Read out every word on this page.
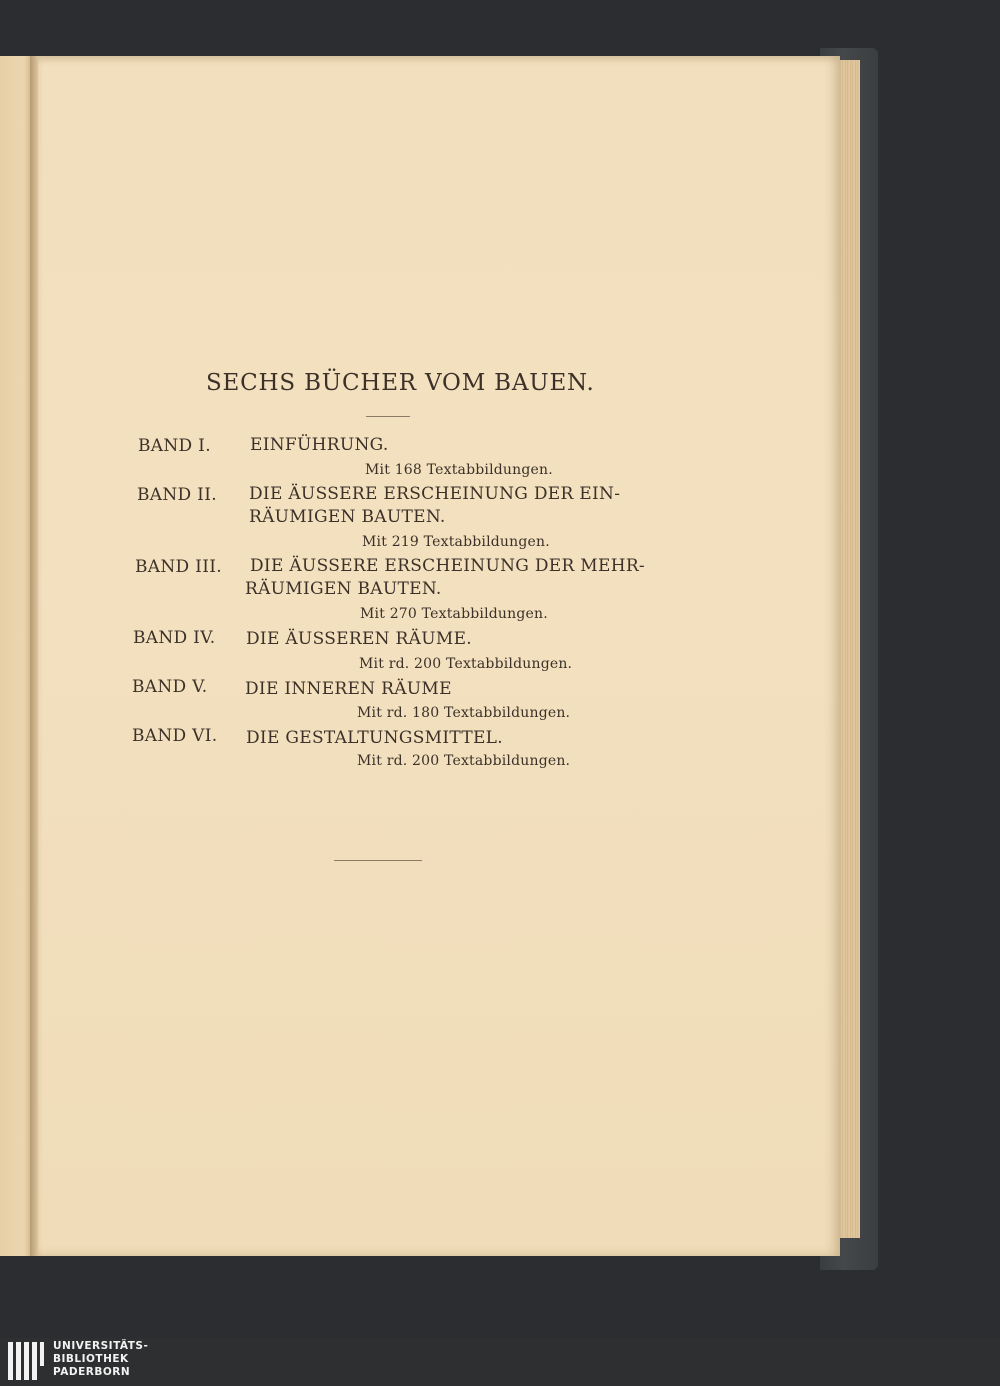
SECHS BÜCHER VOM BAUEN.
BAND I. EINFÜHRUNG.
Mit 168 Textabbildungen.
BAND II. DIE ÄUSSERE ERSCHEINUNG DER EIN-
RÄUMIGEN BAUTEN.
Mit 219 Textabbildungen.
BAND III. DIE ÄUSSERE ERSCHEINUNG DER MEHR-
RÄUMIGEN BAUTEN.
Mit 270 Textabbildungen.
BAND IV. DIE ÄUSSEREN RÄUME.
Mit rd. 200 Textabbildungen.
BAND V. DIE INNEREN RÄUME
Mit rd. 180 Textabbildungen.
BAND VI. DIE GESTALTUNGSMITTEL.
Mit rd. 200 Textabbildungen.
UNIVERSITÄTS-
BIBLIOTHEK
PADERBORN
